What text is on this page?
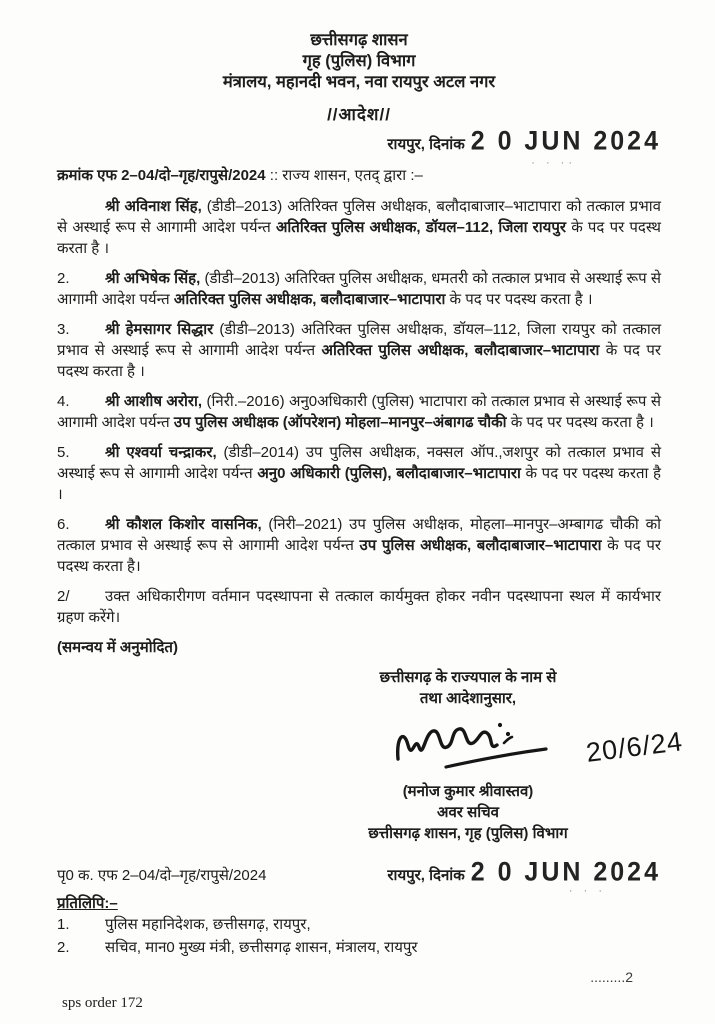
छत्तीसगढ़ शासन
गृह (पुलिस) विभाग
मंत्रालय, महानदी भवन, नवा रायपुर अटल नगर
//आदेश//
रायपुर, दिनांक 2 0 JUN 2024
· · ··
क्रमांक एफ 2–04/दो–गृह/रापुसे/2024 :: राज्य शासन, एतद् द्वारा :–

श्री अविनाश सिंह, (डीडी–2013) अतिरिक्त पुलिस अधीक्षक, बलौदाबाजार–भाटापारा को तत्काल प्रभाव से अस्थाई रूप से आगामी आदेश पर्यन्त अतिरिक्त पुलिस अधीक्षक, डॉयल–112, जिला रायपुर के पद पर पदस्थ करता है ।

2. श्री अभिषेक सिंह, (डीडी–2013) अतिरिक्त पुलिस अधीक्षक, धमतरी को तत्काल प्रभाव से अस्थाई रूप से आगामी आदेश पर्यन्त अतिरिक्त पुलिस अधीक्षक, बलौदाबाजार–भाटापारा के पद पर पदस्थ करता है ।

3. श्री हेमसागर सिद्धार (डीडी–2013) अतिरिक्त पुलिस अधीक्षक, डॉयल–112, जिला रायपुर को तत्काल प्रभाव से अस्थाई रूप से आगामी आदेश पर्यन्त अतिरिक्त पुलिस अधीक्षक, बलौदाबाजार–भाटापारा के पद पर पदस्थ करता है ।

4. श्री आशीष अरोरा, (निरी.–2016) अनु0अधिकारी (पुलिस) भाटापारा को तत्काल प्रभाव से अस्थाई रूप से आगामी आदेश पर्यन्त उप पुलिस अधीक्षक (ऑपरेशन) मोहला–मानपुर–अंबागढ चौकी के पद पर पदस्थ करता है ।

5. श्री एश्वर्या चन्द्राकर, (डीडी–2014) उप पुलिस अधीक्षक, नक्सल ऑप.,जशपुर को तत्काल प्रभाव से अस्थाई रूप से आगामी आदेश पर्यन्त अनु0 अधिकारी (पुलिस), बलौदाबाजार–भाटापारा के पद पर पदस्थ करता है ।

6. श्री कौशल किशोर वासनिक, (निरी–2021) उप पुलिस अधीक्षक, मोहला–मानपुर–अम्बागढ चौकी को तत्काल प्रभाव से अस्थाई रूप से आगामी आदेश पर्यन्त उप पुलिस अधीक्षक, बलौदाबाजार–भाटापारा के पद पर पदस्थ करता है।

2/ उक्त अधिकारीगण वर्तमान पदस्थापना से तत्काल कार्यमुक्त होकर नवीन पदस्थापना स्थल में कार्यभार ग्रहण करेंगे।

(समन्वय में अनुमोदित)
छत्तीसगढ़ के राज्यपाल के नाम से
तथा आदेशानुसार,
20/6/24
(मनोज कुमार श्रीवास्तव)
अवर सचिव
छत्तीसगढ़ शासन, गृह (पुलिस) विभाग
पृ0 क. एफ 2–04/दो–गृह/रापुसे/2024	रायपुर, दिनांक 2 0 JUN 2024
· · ·
प्रतिलिपि:–
1. पुलिस महानिदेशक, छत्तीसगढ़, रायपुर,
2. सचिव, मान0 मुख्य मंत्री, छत्तीसगढ़ शासन, मंत्रालय, रायपुर
.........2
sps order 172
